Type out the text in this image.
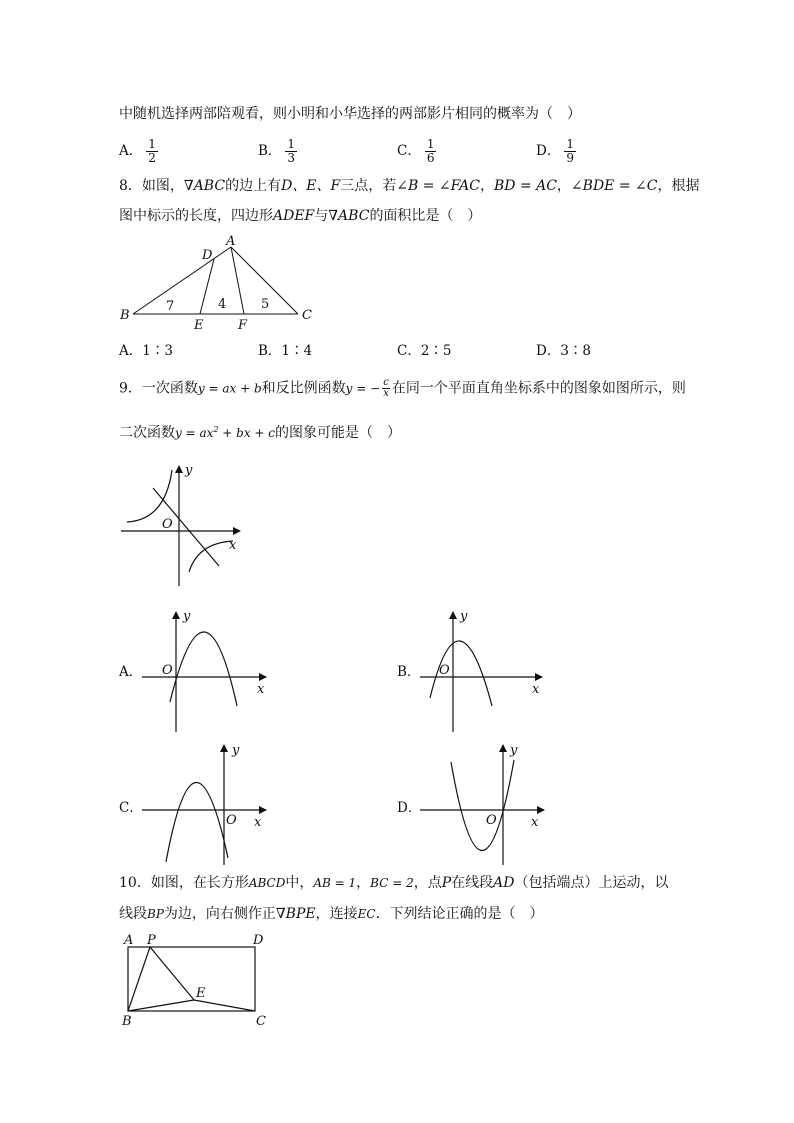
中随机选择两部陪观看，则小明和小华选择的两部影片相同的概率为（　）
A． $\frac{1}{2}$	B． $\frac{1}{3}$	C． $\frac{1}{6}$	D． $\frac{1}{9}$
8．如图，∇ABC的边上有D、E、F三点，若∠B = ∠FAC，BD = AC，∠BDE = ∠C，根据
图中标示的长度，四边形ADEF与∇ABC的面积比是（　）
A
D
B	C
E	F
7	4	5
A．1∶3	B．1∶4	C．2∶5	D．3∶8
9．一次函数y = ax + b和反比例函数y = − $\frac{c}{x}$ 在同一个平面直角坐标系中的图象如图所示，则
二次函数$y = ax^2$ + bx + c的图象可能是（　）
y
x
O
A．	B．
C．	D．
y
x
O
y
x
O
y
x
O
y
x
O
10．如图，在长方形ABCD中，AB = 1，BC = 2，点P在线段AD（包括端点）上运动，以
线段BP为边，向右侧作正∇BPE，连接EC．下列结论正确的是（　）
A P	D
E
B	C
